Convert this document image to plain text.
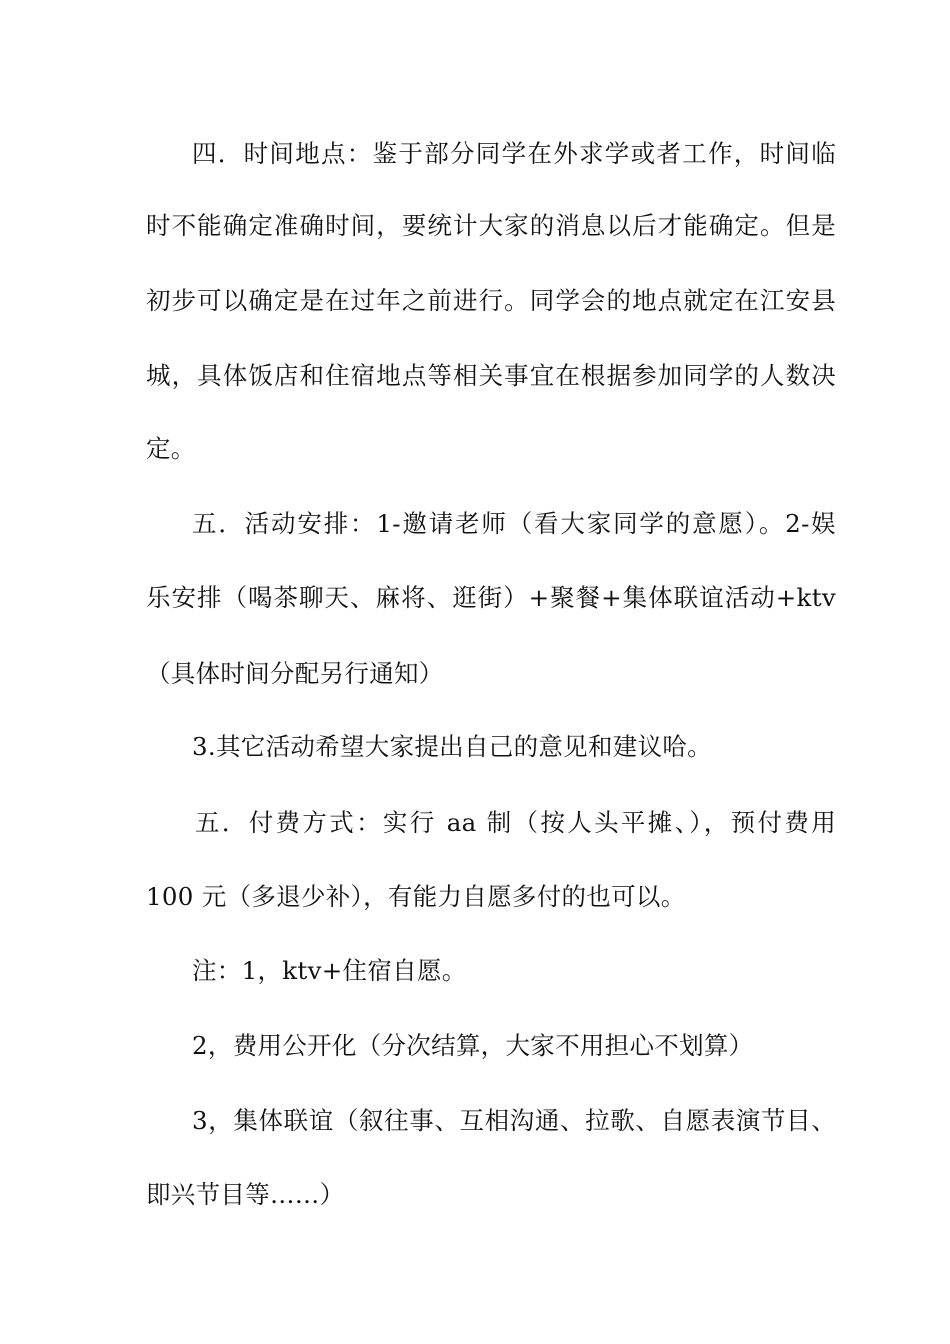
四．时间地点：鉴于部分同学在外求学或者工作，时间临
时不能确定准确时间，要统计大家的消息以后才能确定。但是
初步可以确定是在过年之前进行。同学会的地点就定在江安县
城，具体饭店和住宿地点等相关事宜在根据参加同学的人数决
定。
五．活动安排：1-邀请老师（看大家同学的意愿）。2-娱
乐安排（喝茶聊天、麻将、逛街）+聚餐+集体联谊活动+ktv
（具体时间分配另行通知）
3.其它活动希望大家提出自己的意见和建议哈。
五．付费方式：实行 aa 制（按人头平摊、），预付费用
100 元（多退少补），有能力自愿多付的也可以。
注：1，ktv+住宿自愿。
2，费用公开化（分次结算，大家不用担心不划算）
3，集体联谊（叙往事、互相沟通、拉歌、自愿表演节目、
即兴节目等……）
